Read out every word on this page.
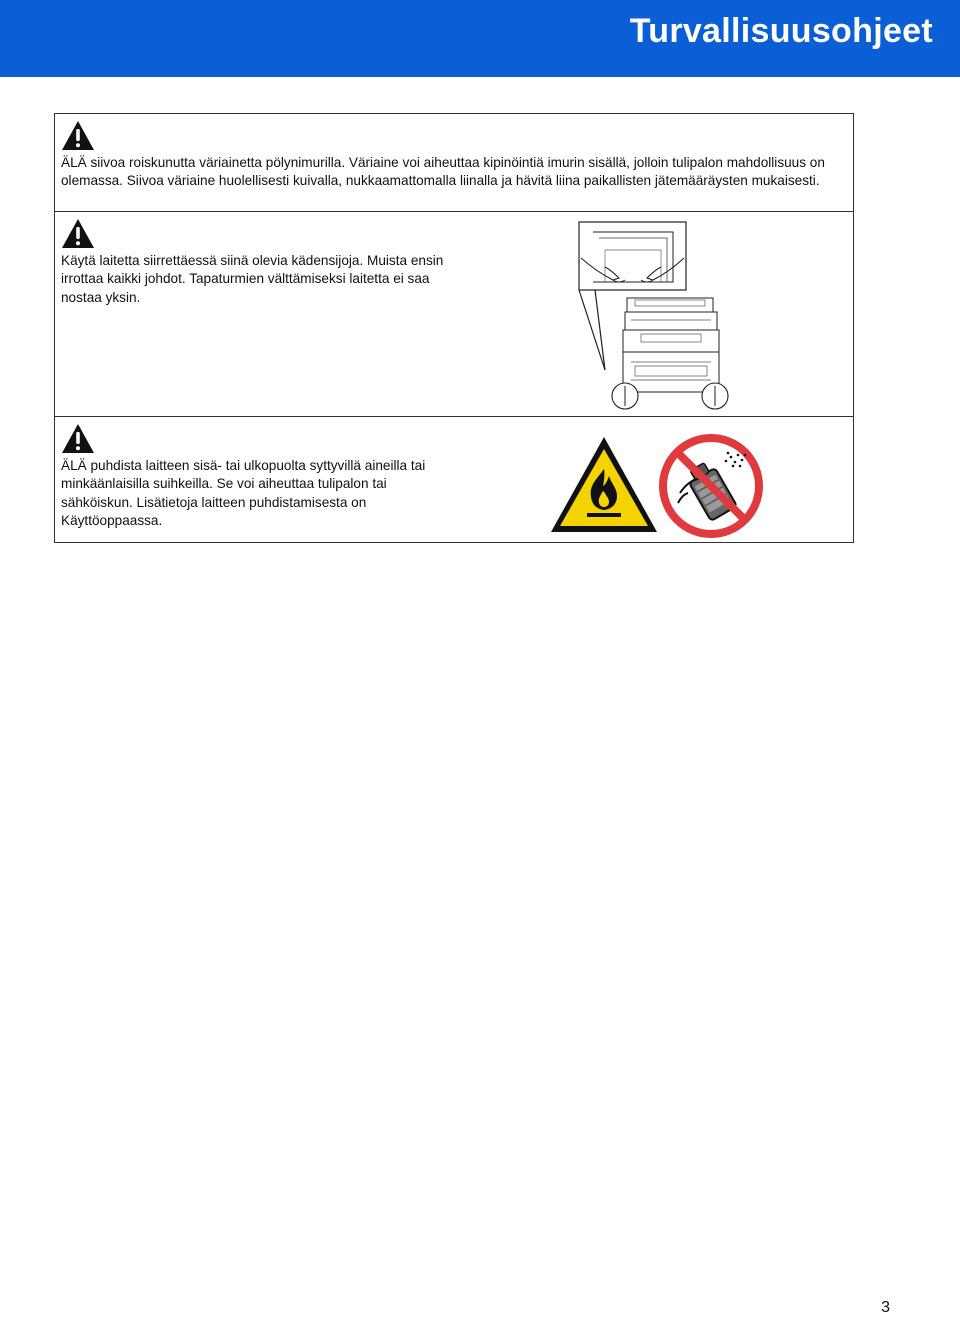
Turvallisuusohjeet

ÄLÄ siivoa roiskunutta väriainetta pölynimurilla. Väriaine voi aiheuttaa kipinöintiä imurin sisällä, jolloin tulipalon mahdollisuus on olemassa. Siivoa väriaine huolellisesti kuivalla, nukkaamattomalla liinalla ja hävitä liina paikallisten jätemääräysten mukaisesti.

Käytä laitetta siirrettäessä siinä olevia kädensijoja. Muista ensin irrottaa kaikki johdot. Tapaturmien välttämiseksi laitetta ei saa nostaa yksin.

ÄLÄ puhdista laitteen sisä- tai ulkopuolta syttyvillä aineilla tai minkäänlaisilla suihkeilla. Se voi aiheuttaa tulipalon tai sähköiskun. Lisätietoja laitteen puhdistamisesta on Käyttöoppaassa.

3
